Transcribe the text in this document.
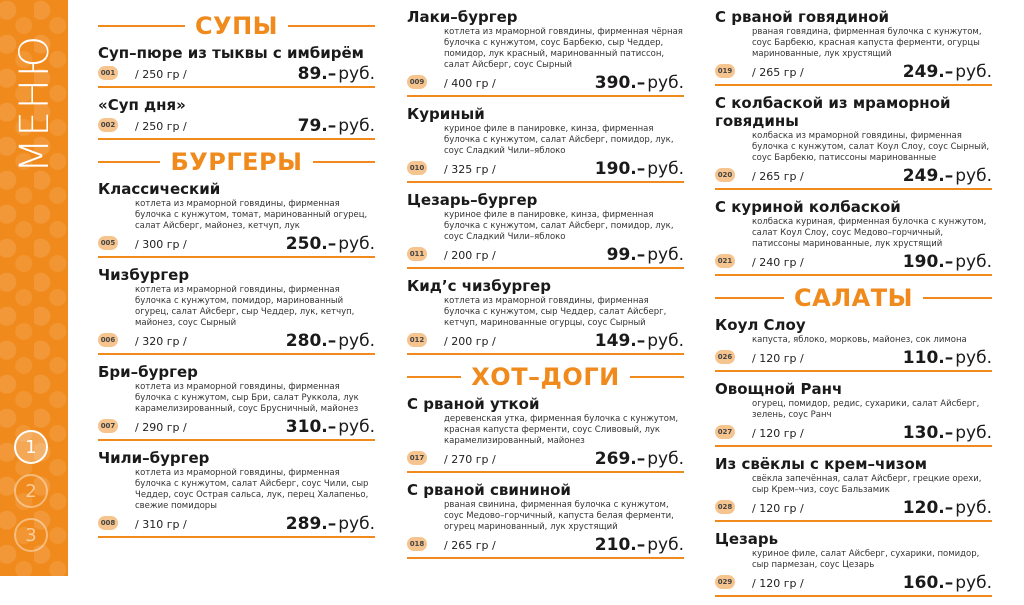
МЕНЮ
1
2
3
СУПЫ
Суп–пюре из тыквы с имбирём
001 / 250 гр /	89.– руб.
«Суп дня»
002 / 250 гр /	79.– руб.
БУРГЕРЫ
Классический
котлета из мраморной говядины, фирменная булочка с кунжутом, томат, маринованный огурец, салат Айсберг, майонез, кетчуп, лук
005 / 300 гр /	250.– руб.
Чизбургер
котлета из мраморной говядины, фирменная булочка с кунжутом, помидор, маринованный огурец, салат Айсберг, сыр Чеддер, лук, кетчуп, майонез, соус Сырный
006 / 320 гр /	280.– руб.
Бри–бургер
котлета из мраморной говядины, фирменная булочка с кунжутом, сыр Бри, салат Руккола, лук карамелизированный, соус Брусничный, майонез
007 / 290 гр /	310.– руб.
Чили–бургер
котлета из мраморной говядины, фирменная булочка с кунжутом, салат Айсберг, соус Чили, сыр Чеддер, соус Острая сальса, лук, перец Халапеньо, свежие помидоры
008 / 310 гр /	289.– руб.
Лаки–бургер
котлета из мраморной говядины, фирменная чёрная булочка с кунжутом, соус Барбекю, сыр Чеддер, помидор, лук красный, маринованный патиссон, салат Айсберг, соус Сырный
009 / 400 гр /	390.– руб.
Куриный
куриное филе в панировке, кинза, фирменная булочка с кунжутом, салат Айсберг, помидор, лук, соус Сладкий Чили–яблоко
010 / 325 гр /	190.– руб.
Цезарь–бургер
куриное филе в панировке, кинза, фирменная булочка с кунжутом, салат Айсберг, помидор, лук, соус Сладкий Чили–яблоко
011 / 200 гр /	99.– руб.
Кид’с чизбургер
котлета из мраморной говядины, фирменная булочка с кунжутом, сыр Чеддер, салат Айсберг, кетчуп, маринованные огурцы, соус Сырный
012 / 200 гр /	149.– руб.
ХОТ–ДОГИ
С рваной уткой
деревенская утка, фирменная булочка с кунжутом, красная капуста ферменти, соус Сливовый, лук карамелизированный, майонез
017 / 270 гр /	269.– руб.
С рваной свининой
рваная свинина, фирменная булочка с кунжутом, соус Медово–горчичный, капуста белая ферменти, огурец маринованный, лук хрустящий
018 / 265 гр /	210.– руб.
С рваной говядиной
рваная говядина, фирменная булочка с кунжутом, соус Барбекю, красная капуста ферменти, огурцы маринованные, лук хрустящий
019 / 265 гр /	249.– руб.
С колбаской из мраморной говядины
колбаска из мраморной говядины, фирменная булочка с кунжутом, салат Коул Слоу, соус Сырный, соус Барбекю, патиссоны маринованные
020 / 265 гр /	249.– руб.
С куриной колбаской
колбаска куриная, фирменная булочка с кунжутом, салат Коул Слоу, соус Медово–горчичный, патиссоны маринованные, лук хрустящий
021 / 240 гр /	190.– руб.
САЛАТЫ
Коул Слоу
капуста, яблоко, морковь, майонез, сок лимона
026 / 120 гр /	110.– руб.
Овощной Ранч
огурец, помидор, редис, сухарики, салат Айсберг, зелень, соус Ранч
027 / 120 гр /	130.– руб.
Из свёклы с крем–чизом
свёкла запечённая, салат Айсберг, грецкие орехи, сыр Крем–чиз, соус Бальзамик
028 / 120 гр /	120.– руб.
Цезарь
куриное филе, салат Айсберг, сухарики, помидор, сыр пармезан, соус Цезарь
029 / 120 гр /	160.– руб.
